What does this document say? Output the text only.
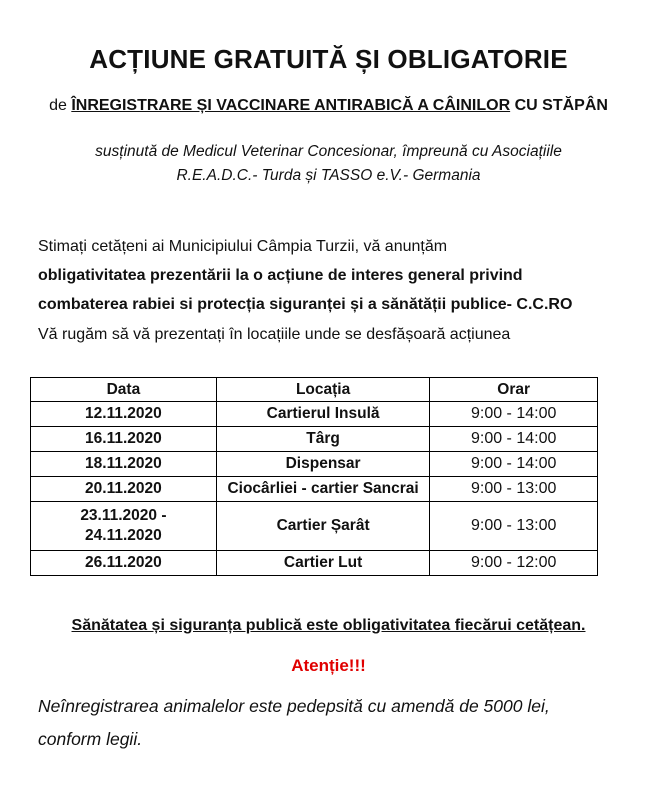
ACȚIUNE GRATUITĂ ȘI OBLIGATORIE
de ÎNREGISTRARE ȘI VACCINARE ANTIRABICĂ A CÂINILOR CU STĂPÂN
susținută de Medicul Veterinar Concesionar, împreună cu Asociațiile
R.E.A.D.C.- Turda și TASSO e.V.- Germania
Stimați cetățeni ai Municipiului Câmpia Turzii, vă anunțăm
obligativitatea prezentării la o acțiune de interes general privind
combaterea rabiei si protecția siguranței și a sănătății publice- C.C.RO
Vă rugăm să vă prezentați în locațiile unde se desfășoară acțiunea
Data	Locația	Orar
12.11.2020	Cartierul Insulă	9:00 - 14:00
16.11.2020	Târg	9:00 - 14:00
18.11.2020	Dispensar	9:00 - 14:00
20.11.2020	Ciocârliei - cartier Sancrai	9:00 - 13:00

23.11.2020 -
24.11.2020	Cartier Șarât	9:00 - 13:00
26.11.2020	Cartier Lut	9:00 - 12:00
Sănătatea și siguranța publică este obligativitatea fiecărui cetățean.
Atenție!!!
Neînregistrarea animalelor este pedepsită cu amendă de 5000 lei,
conform legii.
